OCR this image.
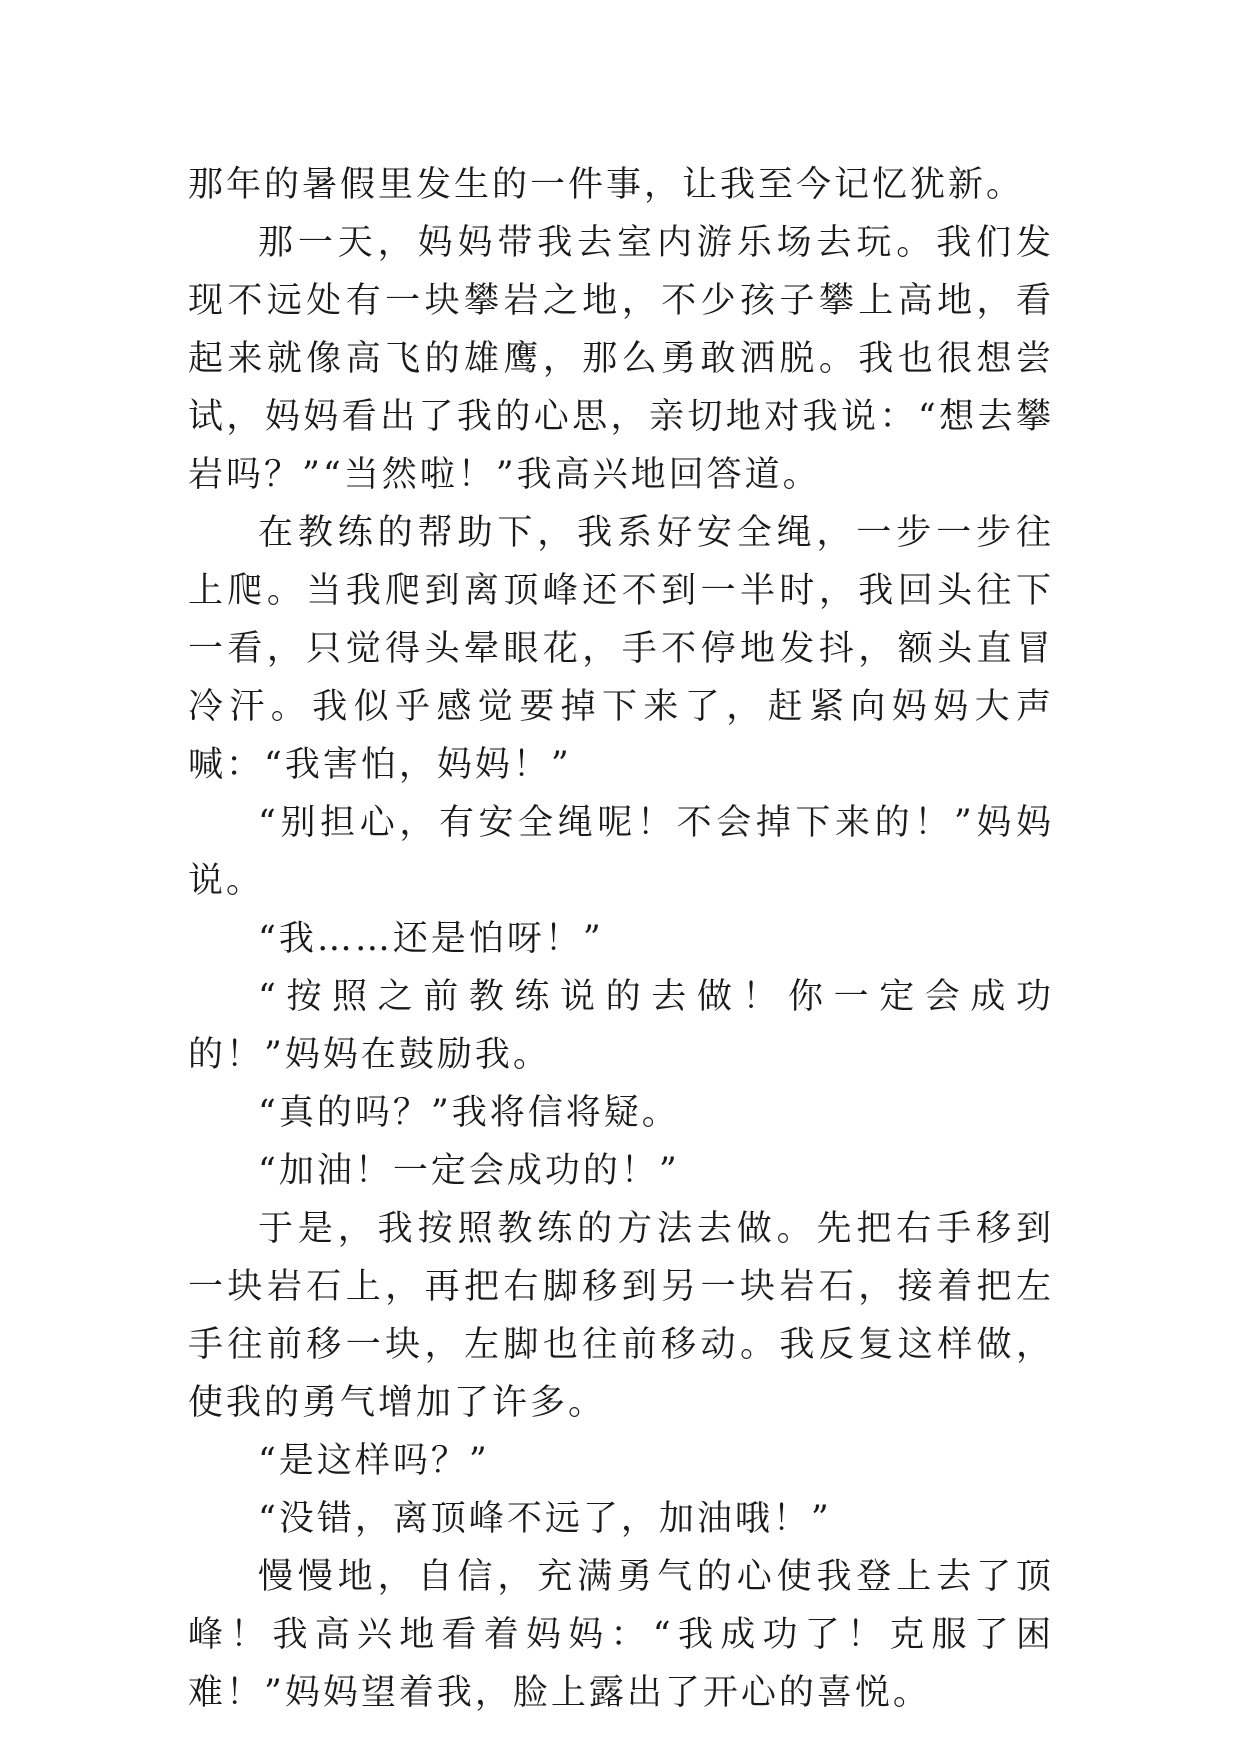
那年的暑假里发生的一件事，让我至今记忆犹新。

那一天，妈妈带我去室内游乐场去玩。我们发现不远处有一块攀岩之地，不少孩子攀上高地，看起来就像高飞的雄鹰，那么勇敢洒脱。我也很想尝试，妈妈看出了我的心思，亲切地对我说：“想去攀岩吗？”“当然啦！”我高兴地回答道。

在教练的帮助下，我系好安全绳，一步一步往上爬。当我爬到离顶峰还不到一半时，我回头往下一看，只觉得头晕眼花，手不停地发抖，额头直冒冷汗。我似乎感觉要掉下来了，赶紧向妈妈大声喊：“我害怕，妈妈！”

“别担心，有安全绳呢！不会掉下来的！”妈妈说。

“我……还是怕呀！”

“按照之前教练说的去做！你一定会成功的！”妈妈在鼓励我。

“真的吗？”我将信将疑。

“加油！一定会成功的！”

于是，我按照教练的方法去做。先把右手移到一块岩石上，再把右脚移到另一块岩石，接着把左手往前移一块，左脚也往前移动。我反复这样做，使我的勇气增加了许多。

“是这样吗？”

“没错，离顶峰不远了，加油哦！”

慢慢地，自信，充满勇气的心使我登上去了顶峰！我高兴地看着妈妈：“我成功了！克服了困难！”妈妈望着我，脸上露出了开心的喜悦。
